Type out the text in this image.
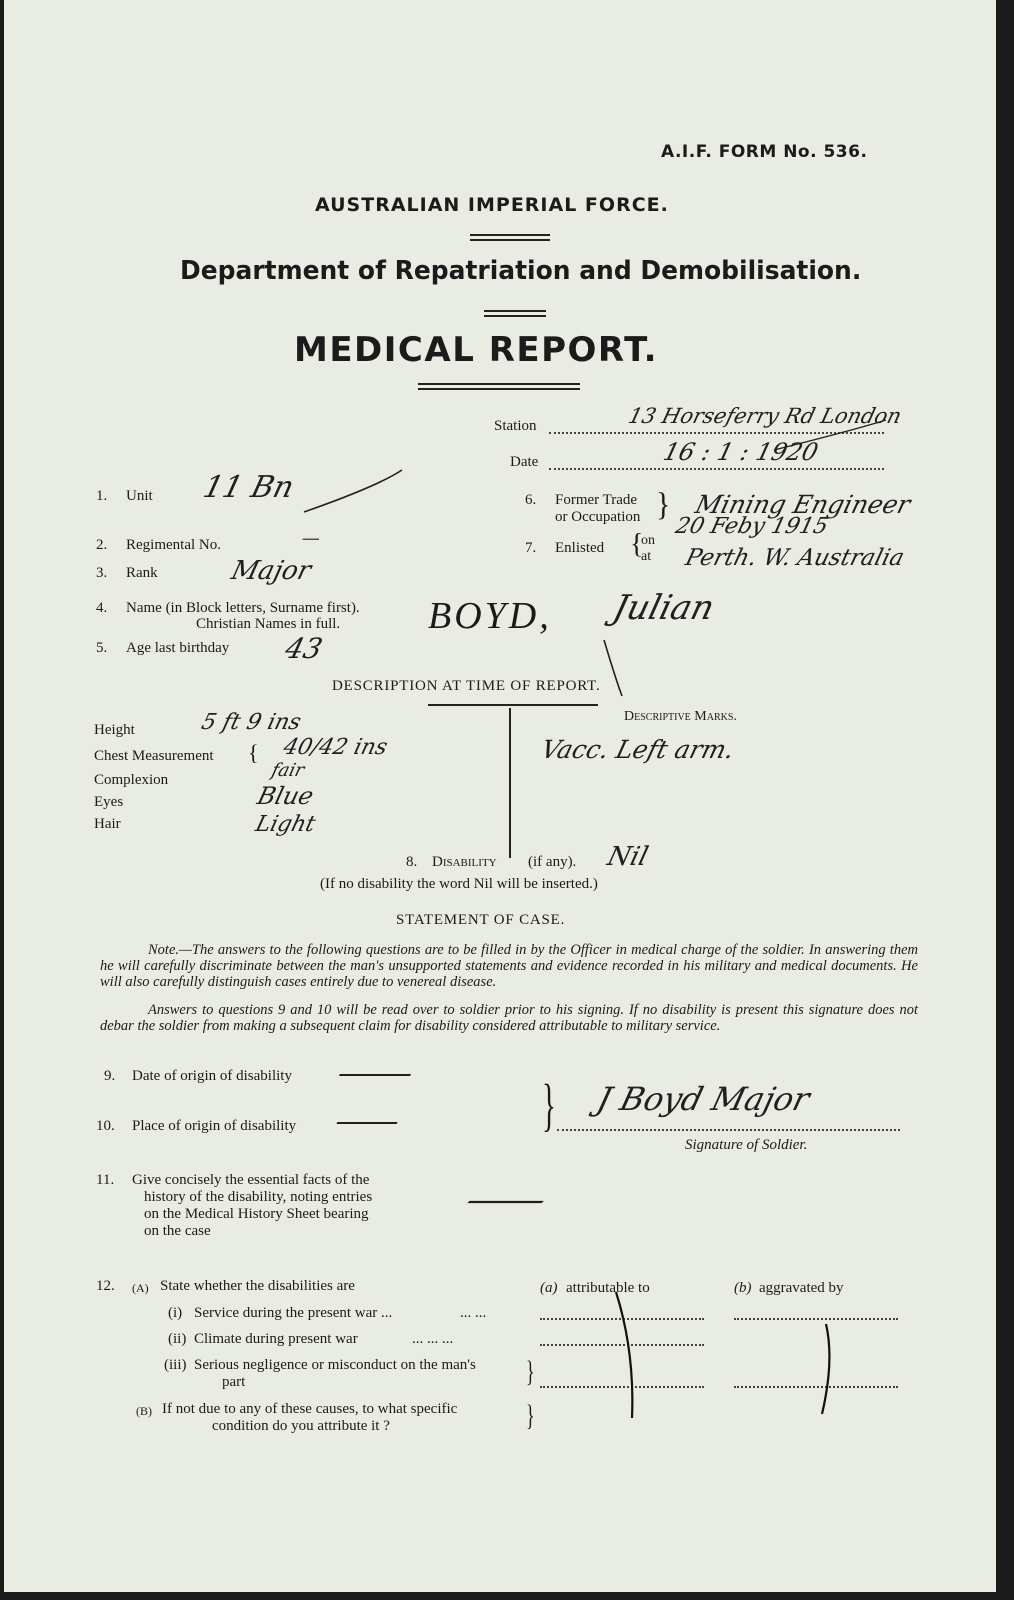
A.I.F. FORM No. 536.
AUSTRALIAN IMPERIAL FORCE.
Department of Repatriation and Demobilisation.
MEDICAL REPORT.
Station	13 Horseferry Rd London
Date	16 : 1 : 1920
1. Unit 11 Bn
2. Regimental No.	—
3. Rank	Major
4. Name (in Block letters, Surname first).
Christian Names in full. BOYD, Julian
5. Age last birthday 43
6. Former Trade
or Occupation } Mining Engineer
7. Enlisted {
on
at
20 Feby 1915
Perth. W. Australia
DESCRIPTION AT TIME OF REPORT.
Height	5 ft 9 ins
Chest Measurement { 40/42 ins
Complexion	fair
Eyes	Blue
Hair	Light
Descriptive Marks.
Vacc. Left arm.
8. Disability (if any). Nil
(If no disability the word Nil will be inserted.)
STATEMENT OF CASE.
Note.—The answers to the following questions are to be filled in by the Officer in medical charge of the soldier. In answering them he will carefully discriminate between the man's unsupported statements and evidence recorded in his military and medical documents. He will also carefully distinguish cases entirely due to venereal disease.
Answers to questions 9 and 10 will be read over to soldier prior to his signing. If no disability is present this signature does not debar the soldier from making a subsequent claim for disability considered attributable to military service.
9. Date of origin of disability —
10. Place of origin of disability —
11. Give concisely the essential facts of the
history of the disability, noting entries
on the Medical History Sheet bearing
on the case
—
} J Boyd Major
Signature of Soldier.
12. (A) State whether the disabilities are	(a) attributable to	(b) aggravated by
(i) Service during the present war ...	... ...
(ii) Climate during present war	... ... ...
(iii) Serious negligence or misconduct on the man's
part	}
(B) If not due to any of these causes, to what specific
condition do you attribute it ?	}
